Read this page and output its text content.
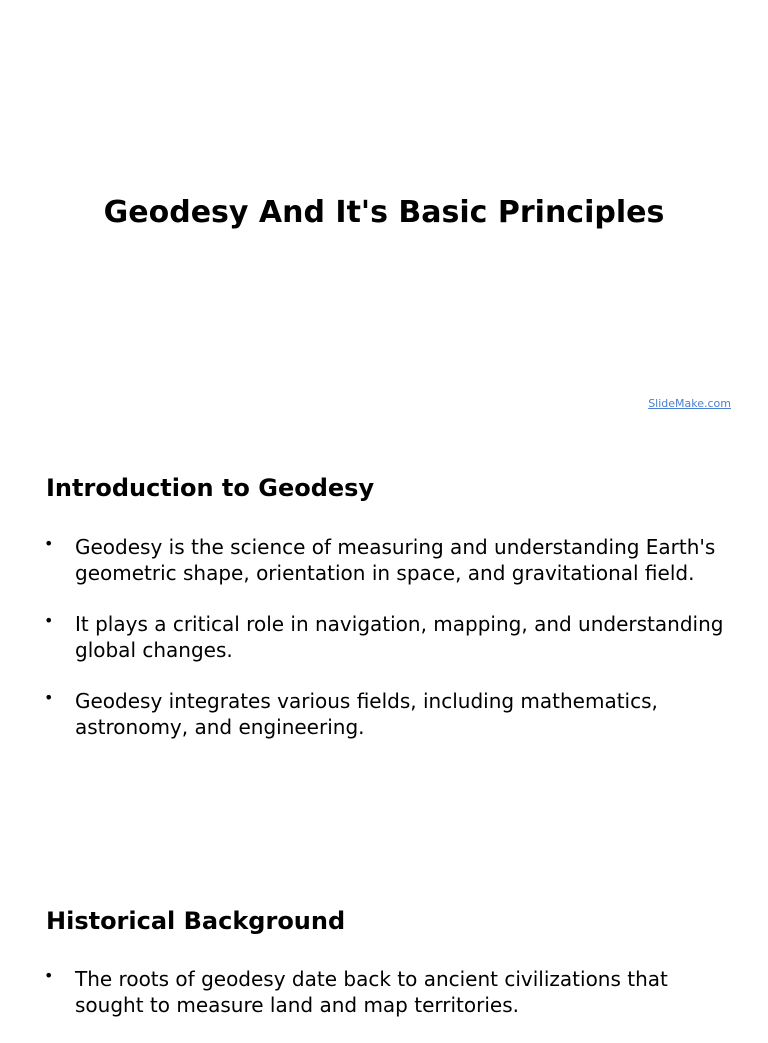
Geodesy And It's Basic Principles
SlideMake.com
Introduction to Geodesy
• Geodesy is the science of measuring and understanding Earth's geometric shape, orientation in space, and gravitational field.
• It plays a critical role in navigation, mapping, and understanding global changes.
• Geodesy integrates various fields, including mathematics, astronomy, and engineering.
Historical Background
• The roots of geodesy date back to ancient civilizations that sought to measure land and map territories.
